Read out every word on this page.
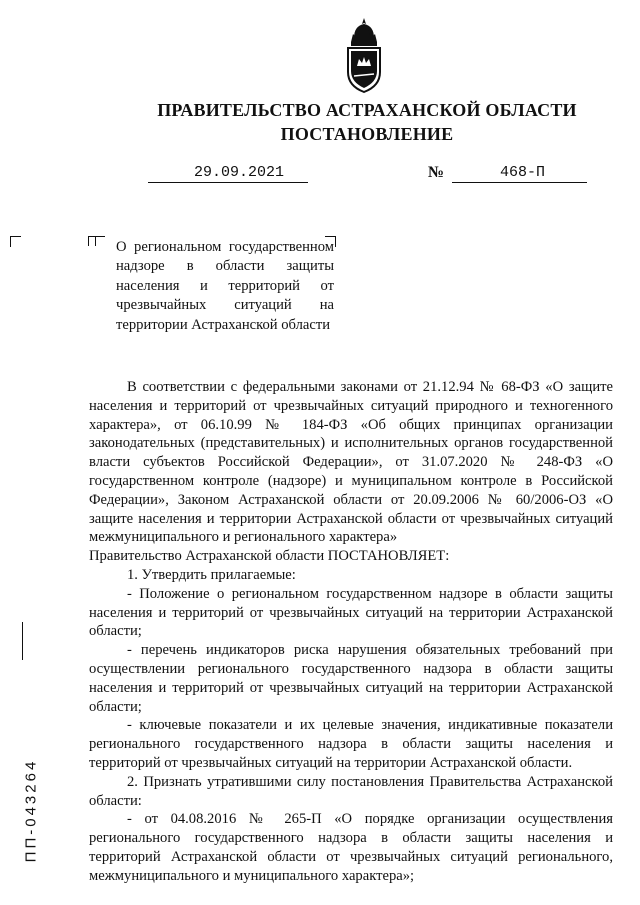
ПРАВИТЕЛЬСТВО АСТРАХАНСКОЙ ОБЛАСТИ
ПОСТАНОВЛЕНИЕ
29.09.2021	№	468-П
О региональном государственном надзоре в области защиты населения и территорий от чрезвычайных ситуаций на территории Астраханской области

В соответствии с федеральными законами от 21.12.94 № 68-ФЗ «О защите населения и территорий от чрезвычайных ситуаций природного и техногенного характера», от 06.10.99 № 184-ФЗ «Об общих принципах организации законодательных (представительных) и исполнительных органов государственной власти субъектов Российской Федерации», от 31.07.2020 № 248-ФЗ «О государственном контроле (надзоре) и муниципальном контроле в Российской Федерации», Законом Астраханской области от 20.09.2006 № 60/2006-ОЗ «О защите населения и территории Астраханской области от чрезвычайных ситуаций межмуниципального и регионального характера»

Правительство Астраханской области ПОСТАНОВЛЯЕТ:

1. Утвердить прилагаемые:

- Положение о региональном государственном надзоре в области защиты населения и территорий от чрезвычайных ситуаций на территории Астраханской области;

- перечень индикаторов риска нарушения обязательных требований при осуществлении регионального государственного надзора в области защиты населения и территорий от чрезвычайных ситуаций на территории Астраханской области;

- ключевые показатели и их целевые значения, индикативные показатели регионального государственного надзора в области защиты населения и территорий от чрезвычайных ситуаций на территории Астраханской области.

2. Признать утратившими силу постановления Правительства Астраханской области:

- от 04.08.2016 № 265-П «О порядке организации осуществления регионального государственного надзора в области защиты населения и территорий Астраханской области от чрезвычайных ситуаций регионального, межмуниципального и муниципального характера»;

ПП-043264
